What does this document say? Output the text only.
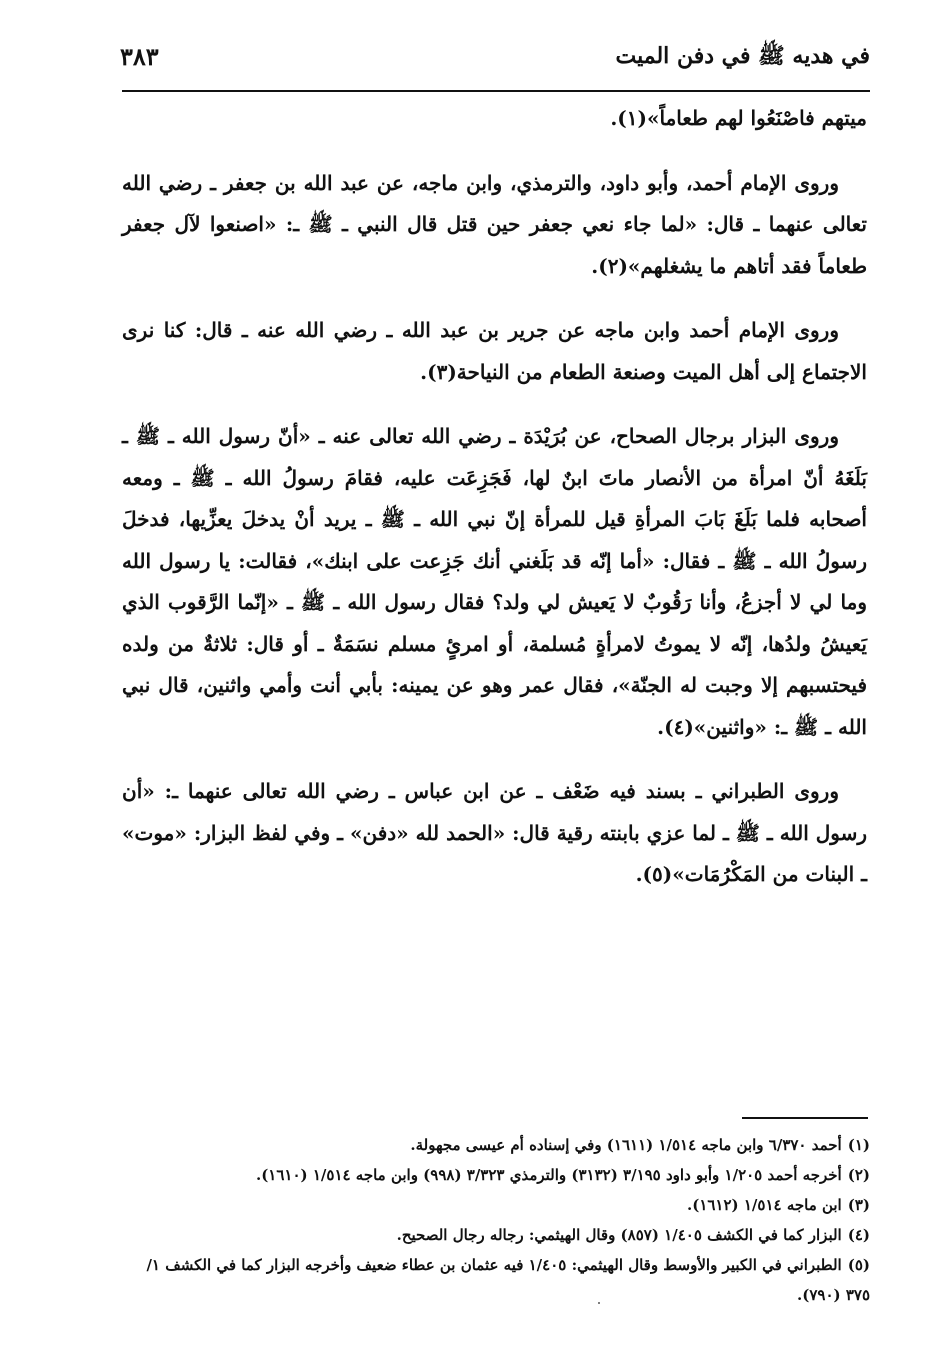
في هديه ﷺ في دفن الميت
٣٨٣

ميتهم فاصْنَعُوا لهم طعاماً»(١).

وروى الإمام أحمد، وأبو داود، والترمذي، وابن ماجه، عن عبد الله بن جعفر ـ رضي الله تعالى عنهما ـ قال: «لما جاء نعي جعفر حين قتل قال النبي ـ ﷺ ـ: «اصنعوا لآل جعفر طعاماً فقد أتاهم ما يشغلهم»(٢).

وروى الإمام أحمد وابن ماجه عن جرير بن عبد الله ـ رضي الله عنه ـ قال: كنا نرى الاجتماع إلى أهل الميت وصنعة الطعام من النياحة(٣).

وروى البزار برجال الصحاح، عن بُرَيْدَة ـ رضي الله تعالى عنه ـ «أنّ رسول الله ـ ﷺ ـ بَلَغَهُ أنّ امرأة من الأنصار ماتَ ابنٌ لها، فَجَزِعَت عليه، فقامَ رسولُ الله ـ ﷺ ـ ومعه أصحابه فلما بَلَغَ بَابَ المرأةِ قيل للمرأة إنّ نبي الله ـ ﷺ ـ يريد أنْ يدخلَ يعزِّيها، فدخلَ رسولُ الله ـ ﷺ ـ فقال: «أما إنّه قد بَلَغني أنك جَزِعت على ابنك»، فقالت: يا رسول الله وما لي لا أجزعُ، وأنا رَقُوبٌ لا يَعيش لي ولد؟ فقال رسول الله ـ ﷺ ـ «إنّما الرَّقوب الذي يَعيشُ ولدُها، إنّه لا يموتُ لامرأةٍ مُسلمة، أو امرئٍ مسلم نسَمَةٌ ـ أو قال: ثلاثةٌ من ولده فيحتسبهم إلا وجبت له الجنّة»، فقال عمر وهو عن يمينه: بأبي أنت وأمي واثنين، قال نبي الله ـ ﷺ ـ: «واثنين»(٤).

وروى الطبراني ـ بسند فيه ضَعْف ـ عن ابن عباس ـ رضي الله تعالى عنهما ـ: «أن رسول الله ـ ﷺ ـ لما عزي بابنته رقية قال: «الحمد لله «دفن» ـ وفي لفظ البزار: «موت» ـ البنات من المَكْرُمَات»(٥).

(١)أحمد ٦/٣٧٠ وابن ماجه ١/٥١٤ (١٦١١) وفي إسناده أم عيسى مجهولة.

(٢)أخرجه أحمد ١/٢٠٥ وأبو داود ٣/١٩٥ (٣١٣٢) والترمذي ٣/٣٢٣ (٩٩٨) وابن ماجه ١/٥١٤ (١٦١٠).

(٣)ابن ماجه ١/٥١٤ (١٦١٢).

(٤)البزار كما في الكشف ١/٤٠٥ (٨٥٧) وقال الهيثمي: رجاله رجال الصحيح.

(٥)الطبراني في الكبير والأوسط وقال الهيثمي: ١/٤٠٥ فيه عثمان بن عطاء ضعيف وأخرجه البزار كما في الكشف ١/ ٣٧٥ (٧٩٠).
